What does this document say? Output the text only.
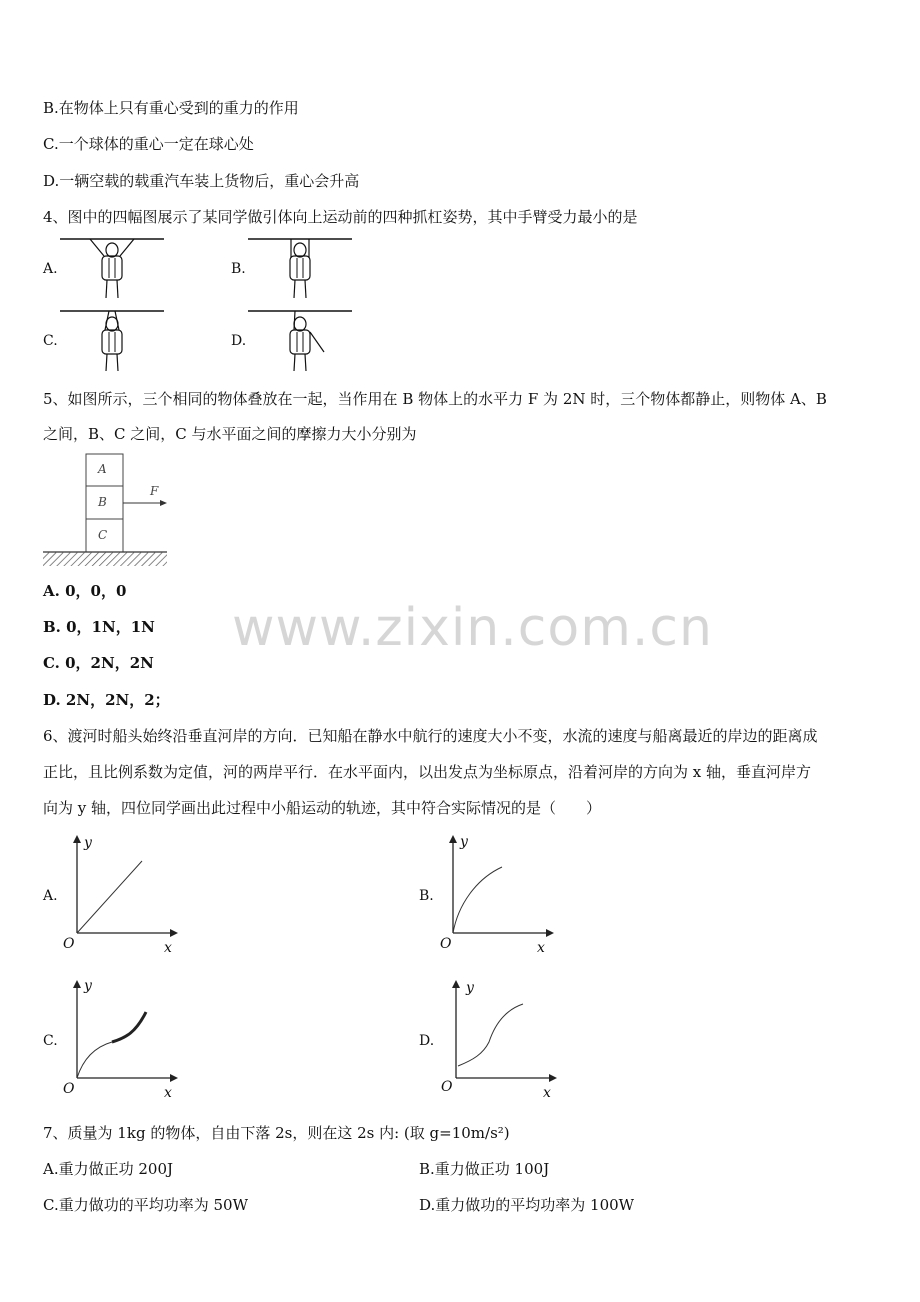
B.在物体上只有重心受到的重力的作用
C.一个球体的重心一定在球心处
D.一辆空载的载重汽车装上货物后，重心会升高
4、图中的四幅图展示了某同学做引体向上运动前的四种抓杠姿势，其中手臂受力最小的是
A.	B.
C.	D.
5、如图所示，三个相同的物体叠放在一起，当作用在 B 物体上的水平力 F 为 2N 时，三个物体都静止，则物体 A、B
之间，B、C 之间，C 与水平面之间的摩擦力大小分别为
A
B
C
F
A. 0，0，0
B. 0，1N，1N
C. 0，2N，2N
D. 2N，2N，2；
www.zixin.com.cn
6、渡河时船头始终沿垂直河岸的方向．已知船在静水中航行的速度大小不变，水流的速度与船离最近的岸边的距离成
正比，且比例系数为定值，河的两岸平行．在水平面内，以出发点为坐标原点，沿着河岸的方向为 x 轴，垂直河岸方
向为 y 轴，四位同学画出此过程中小船运动的轨迹，其中符合实际情况的是（　　）
A.	B.
C.	D.
y
x
O
y
x
O
y
x
O
y
x
O
7、质量为 1kg 的物体，自由下落 2s，则在这 2s 内: (取 g=10m/s²)
A.重力做正功 200J	B.重力做正功 100J
C.重力做功的平均功率为 50W	D.重力做功的平均功率为 100W
